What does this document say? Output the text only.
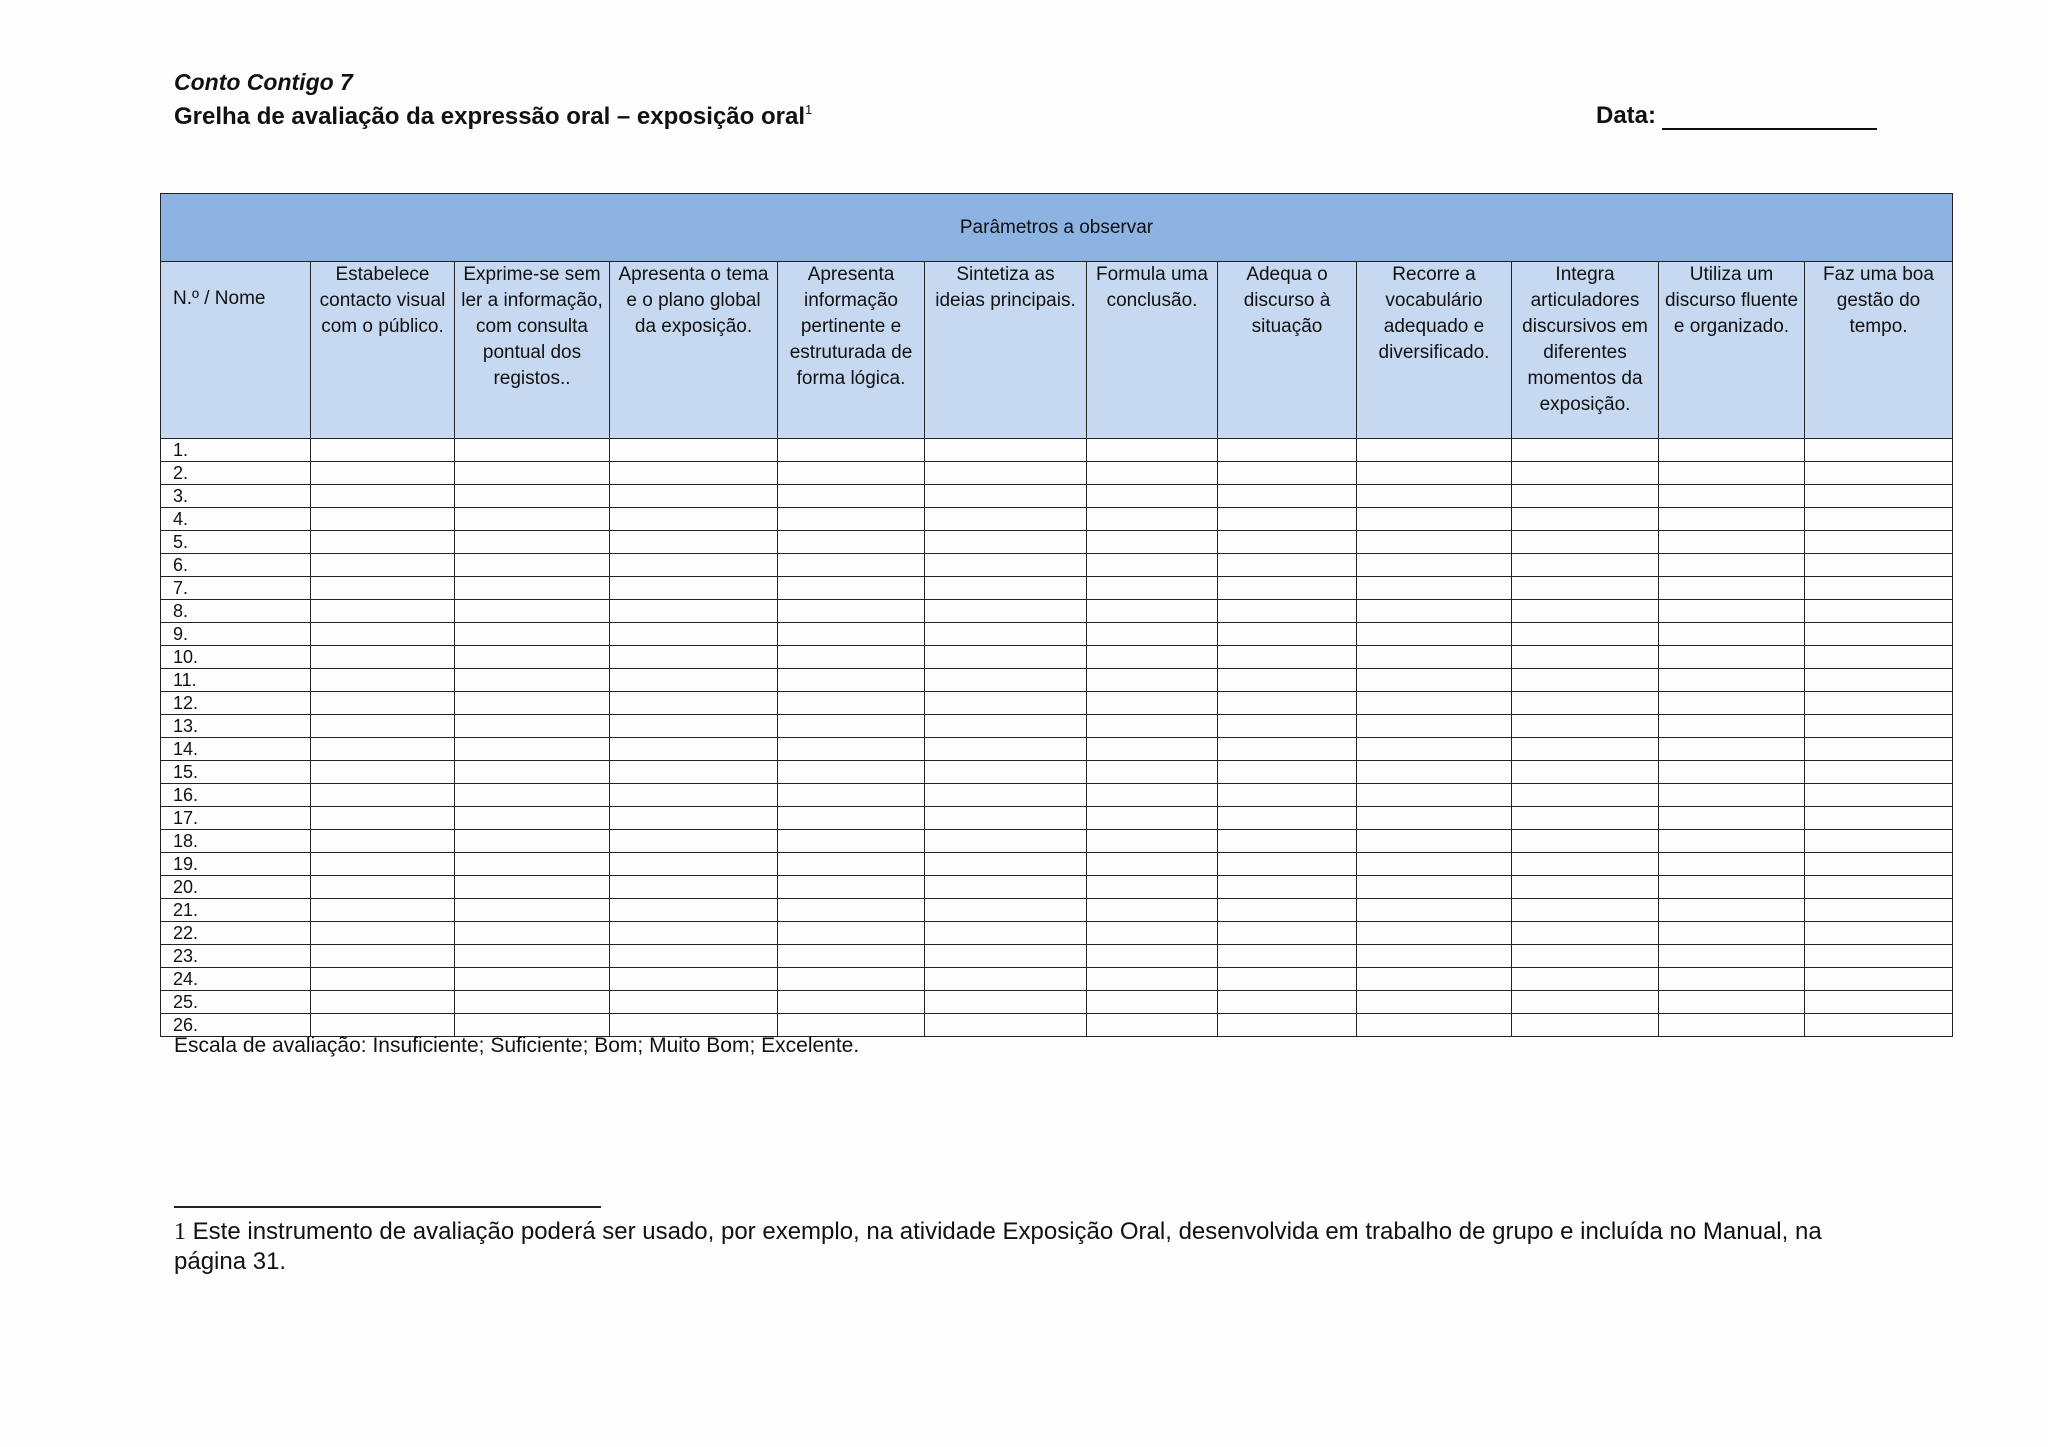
Conto Contigo 7
Grelha de avaliação da expressão oral – exposição oral$^1$	Data:
Parâmetros a observar											
N.º / Nome	Estabelece contacto visual com o público.	Exprime-se sem ler a informação, com consulta pontual dos registos..	Apresenta o tema e o plano global da exposição.	Apresenta informação pertinente e estruturada de forma lógica.	Sintetiza as ideias principais.	Formula uma conclusão.	Adequa o discurso à situação	Recorre a vocabulário adequado e diversificado.	Integra articuladores discursivos em diferentes momentos da exposição.	Utiliza um discurso fluente e organizado.	Faz uma boa gestão do tempo.
1.											
2.											
3.											
4.											
5.											
6.											
7.											
8.											
9.											
10.											
11.											
12.											
13.											
14.											
15.											
16.											
17.											
18.											
19.											
20.											
21.											
22.											
23.											
24.											
25.											
26.											
Escala de avaliação: Insuficiente; Suficiente; Bom; Muito Bom; Excelente.
1 Este instrumento de avaliação poderá ser usado, por exemplo, na atividade Exposição Oral, desenvolvida em trabalho de grupo e incluída no Manual, na página 31.
